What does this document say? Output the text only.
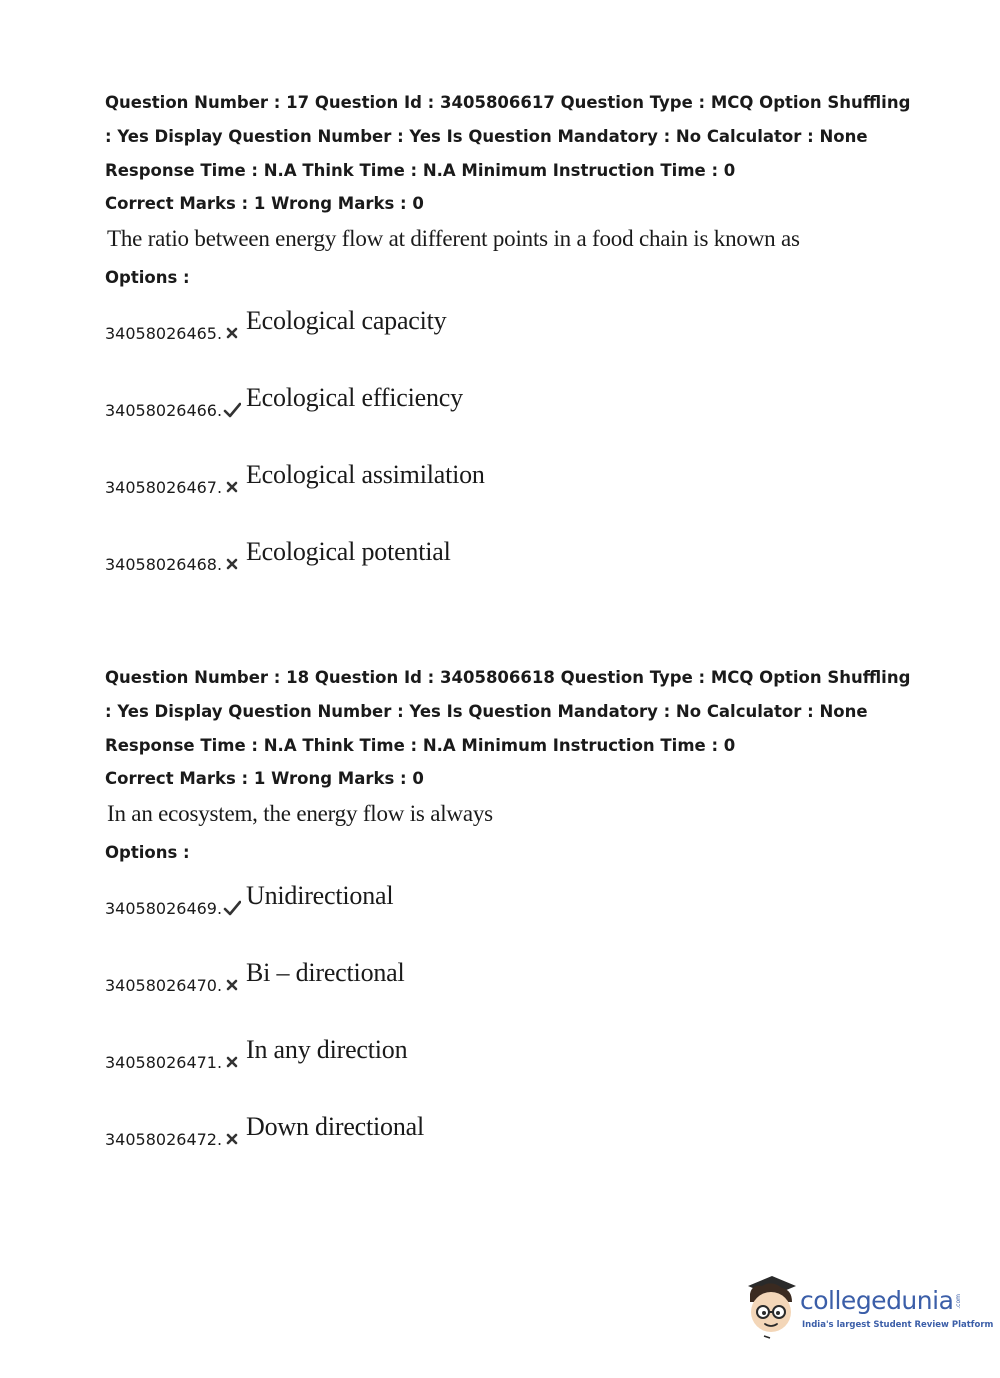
Question Number : 17 Question Id : 3405806617 Question Type : MCQ Option Shuffling : Yes Display Question Number : Yes Is Question Mandatory : No Calculator : None Response Time : N.A Think Time : N.A Minimum Instruction Time : 0

Correct Marks : 1 Wrong Marks : 0

The ratio between energy flow at different points in a food chain is known as
Options :
34058026465. Ecological capacity
34058026466. Ecological efficiency
34058026467. Ecological assimilation
34058026468. Ecological potential

Question Number : 18 Question Id : 3405806618 Question Type : MCQ Option Shuffling : Yes Display Question Number : Yes Is Question Mandatory : No Calculator : None Response Time : N.A Think Time : N.A Minimum Instruction Time : 0

Correct Marks : 1 Wrong Marks : 0

In an ecosystem, the energy flow is always
Options :
34058026469. Unidirectional
34058026470. Bi – directional
34058026471. In any direction
34058026472. Down directional
collegedunia .com
India's largest Student Review Platform
